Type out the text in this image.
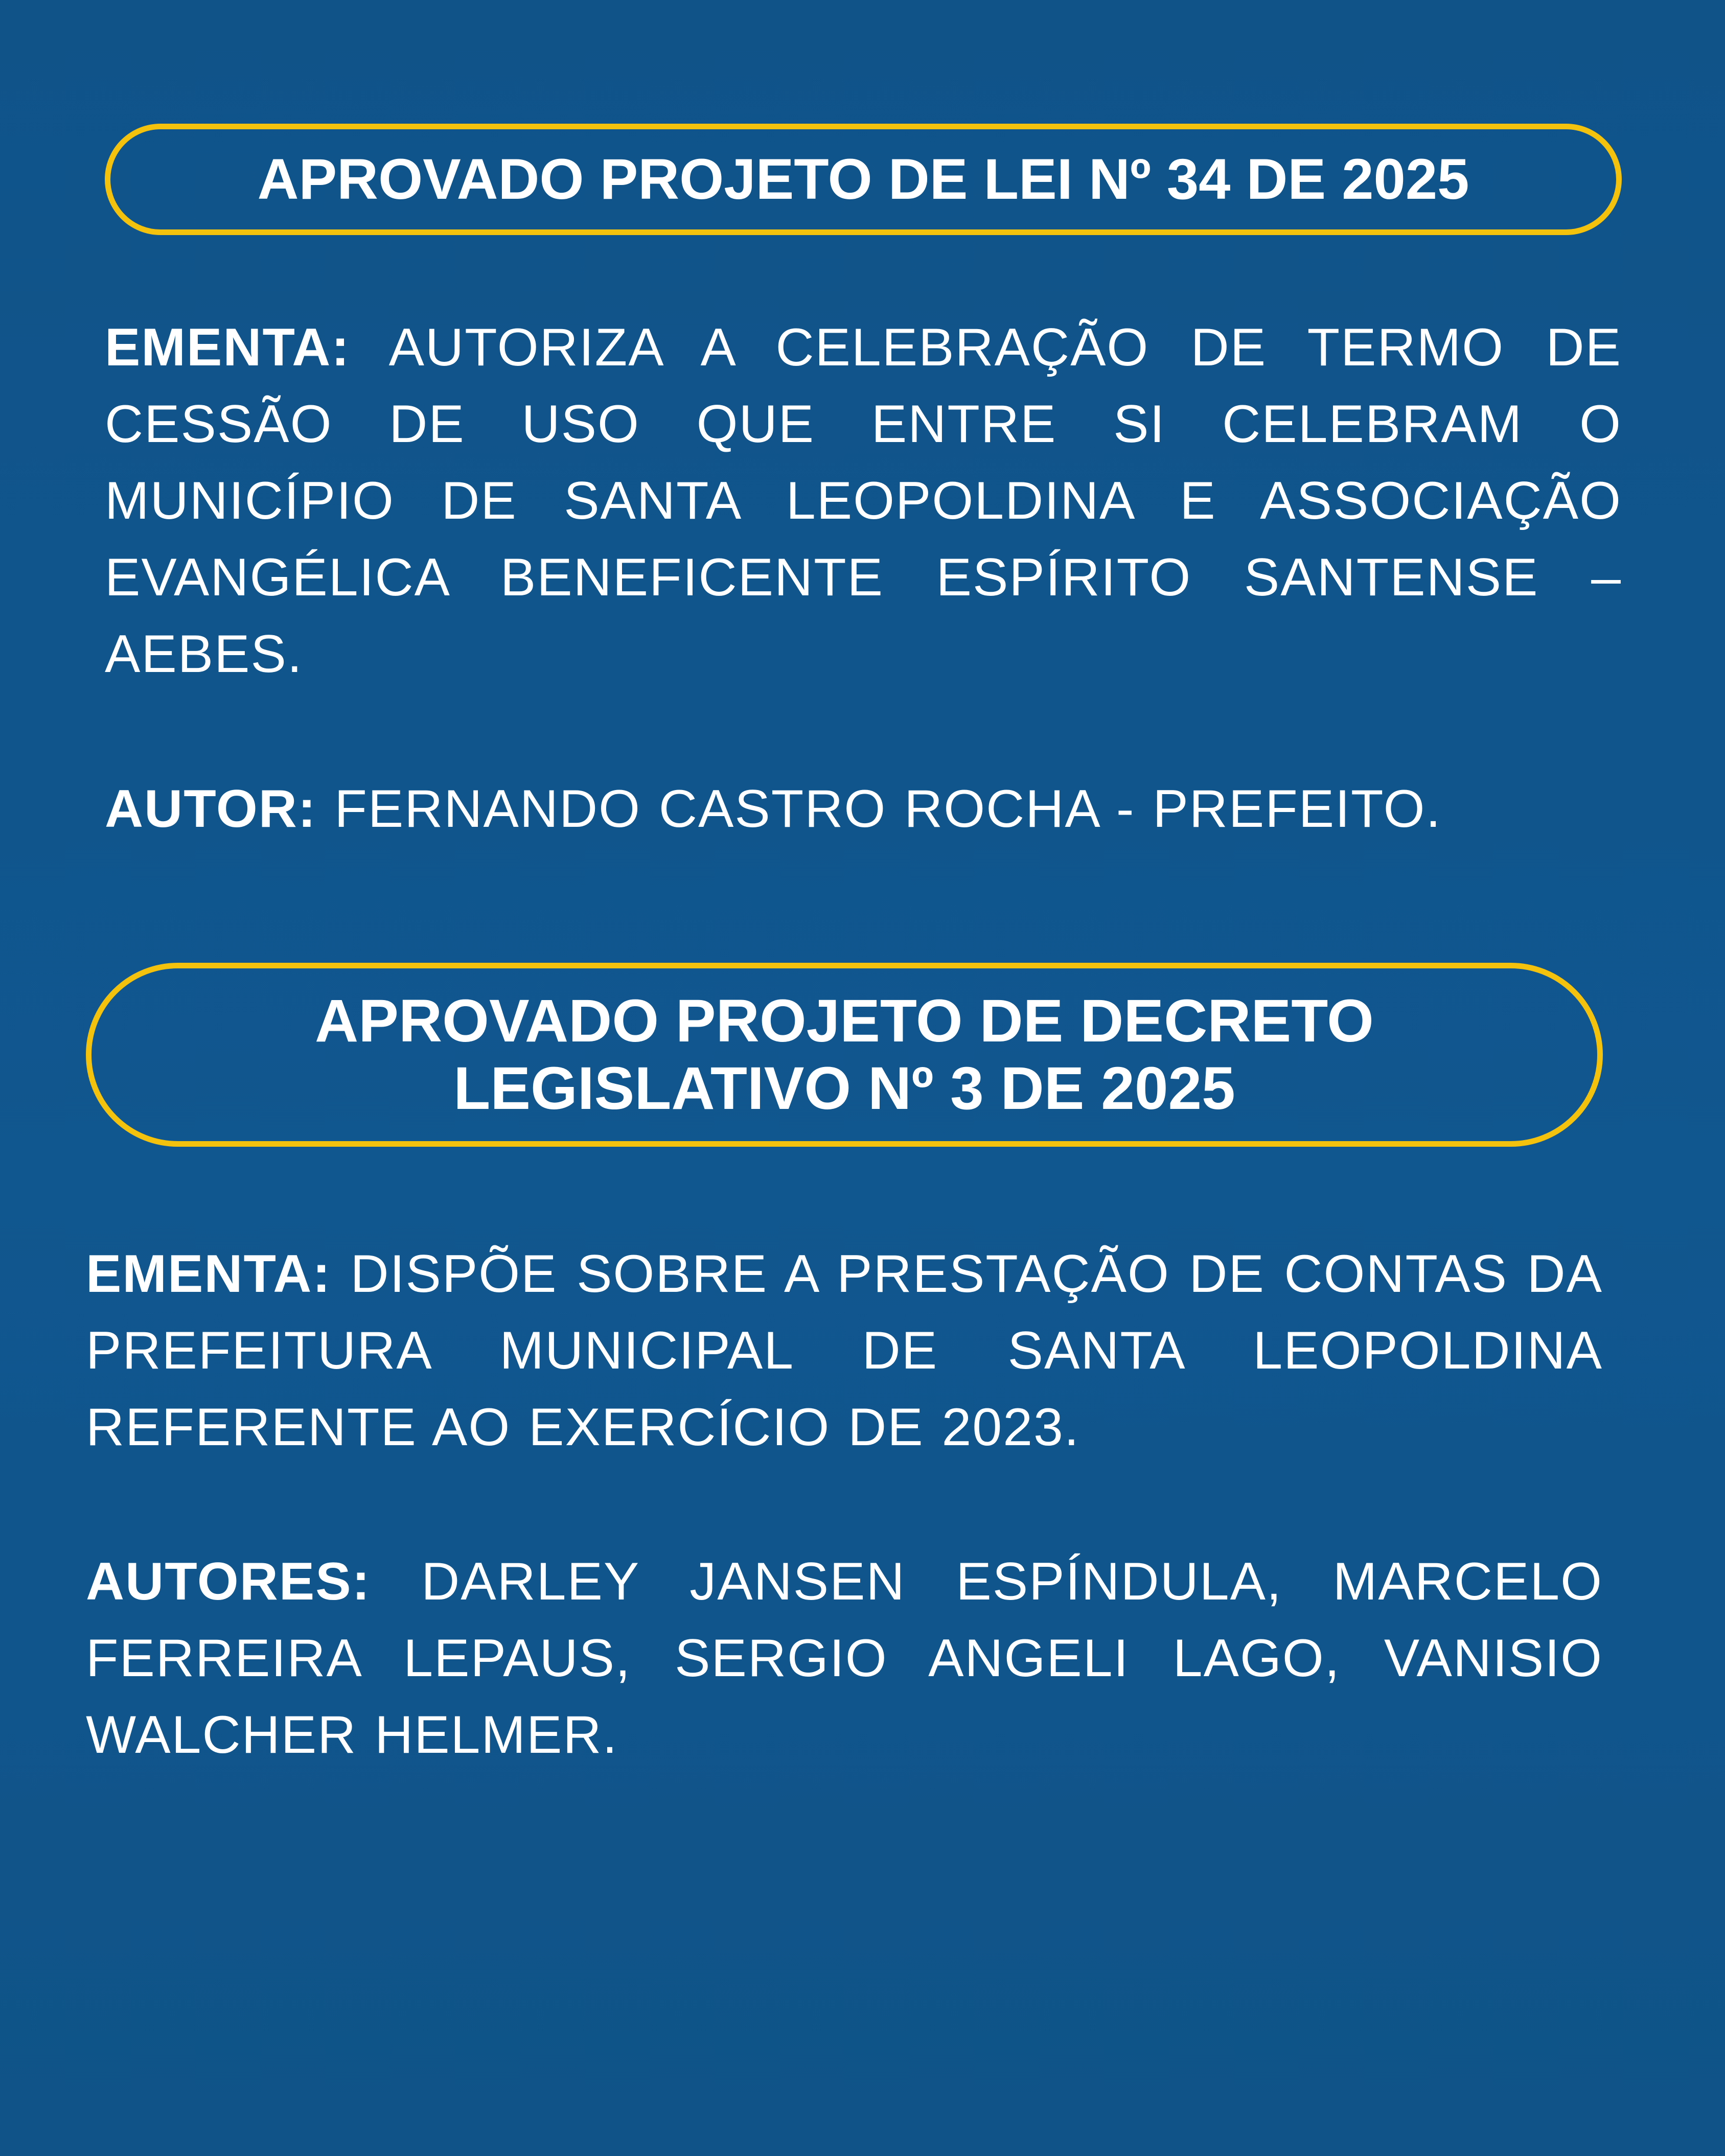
APROVADO PROJETO DE LEI Nº 34 DE 2025
EMENTA: AUTORIZA A CELEBRAÇÃO DE TERMO DE CESSÃO DE USO QUE ENTRE SI CELEBRAM O MUNICÍPIO DE SANTA LEOPOLDINA E ASSOCIAÇÃO EVANGÉLICA BENEFICENTE ESPÍRITO SANTENSE – AEBES.
AUTOR: FERNANDO CASTRO ROCHA - PREFEITO.
APROVADO PROJETO DE DECRETO
LEGISLATIVO Nº 3 DE 2025
EMENTA: DISPÕE SOBRE A PRESTAÇÃO DE CONTAS DA PREFEITURA MUNICIPAL DE SANTA LEOPOLDINA REFERENTE AO EXERCÍCIO DE 2023.
AUTORES: DARLEY JANSEN ESPÍNDULA, MARCELO FERREIRA LEPAUS, SERGIO ANGELI LAGO, VANISIO WALCHER HELMER.
